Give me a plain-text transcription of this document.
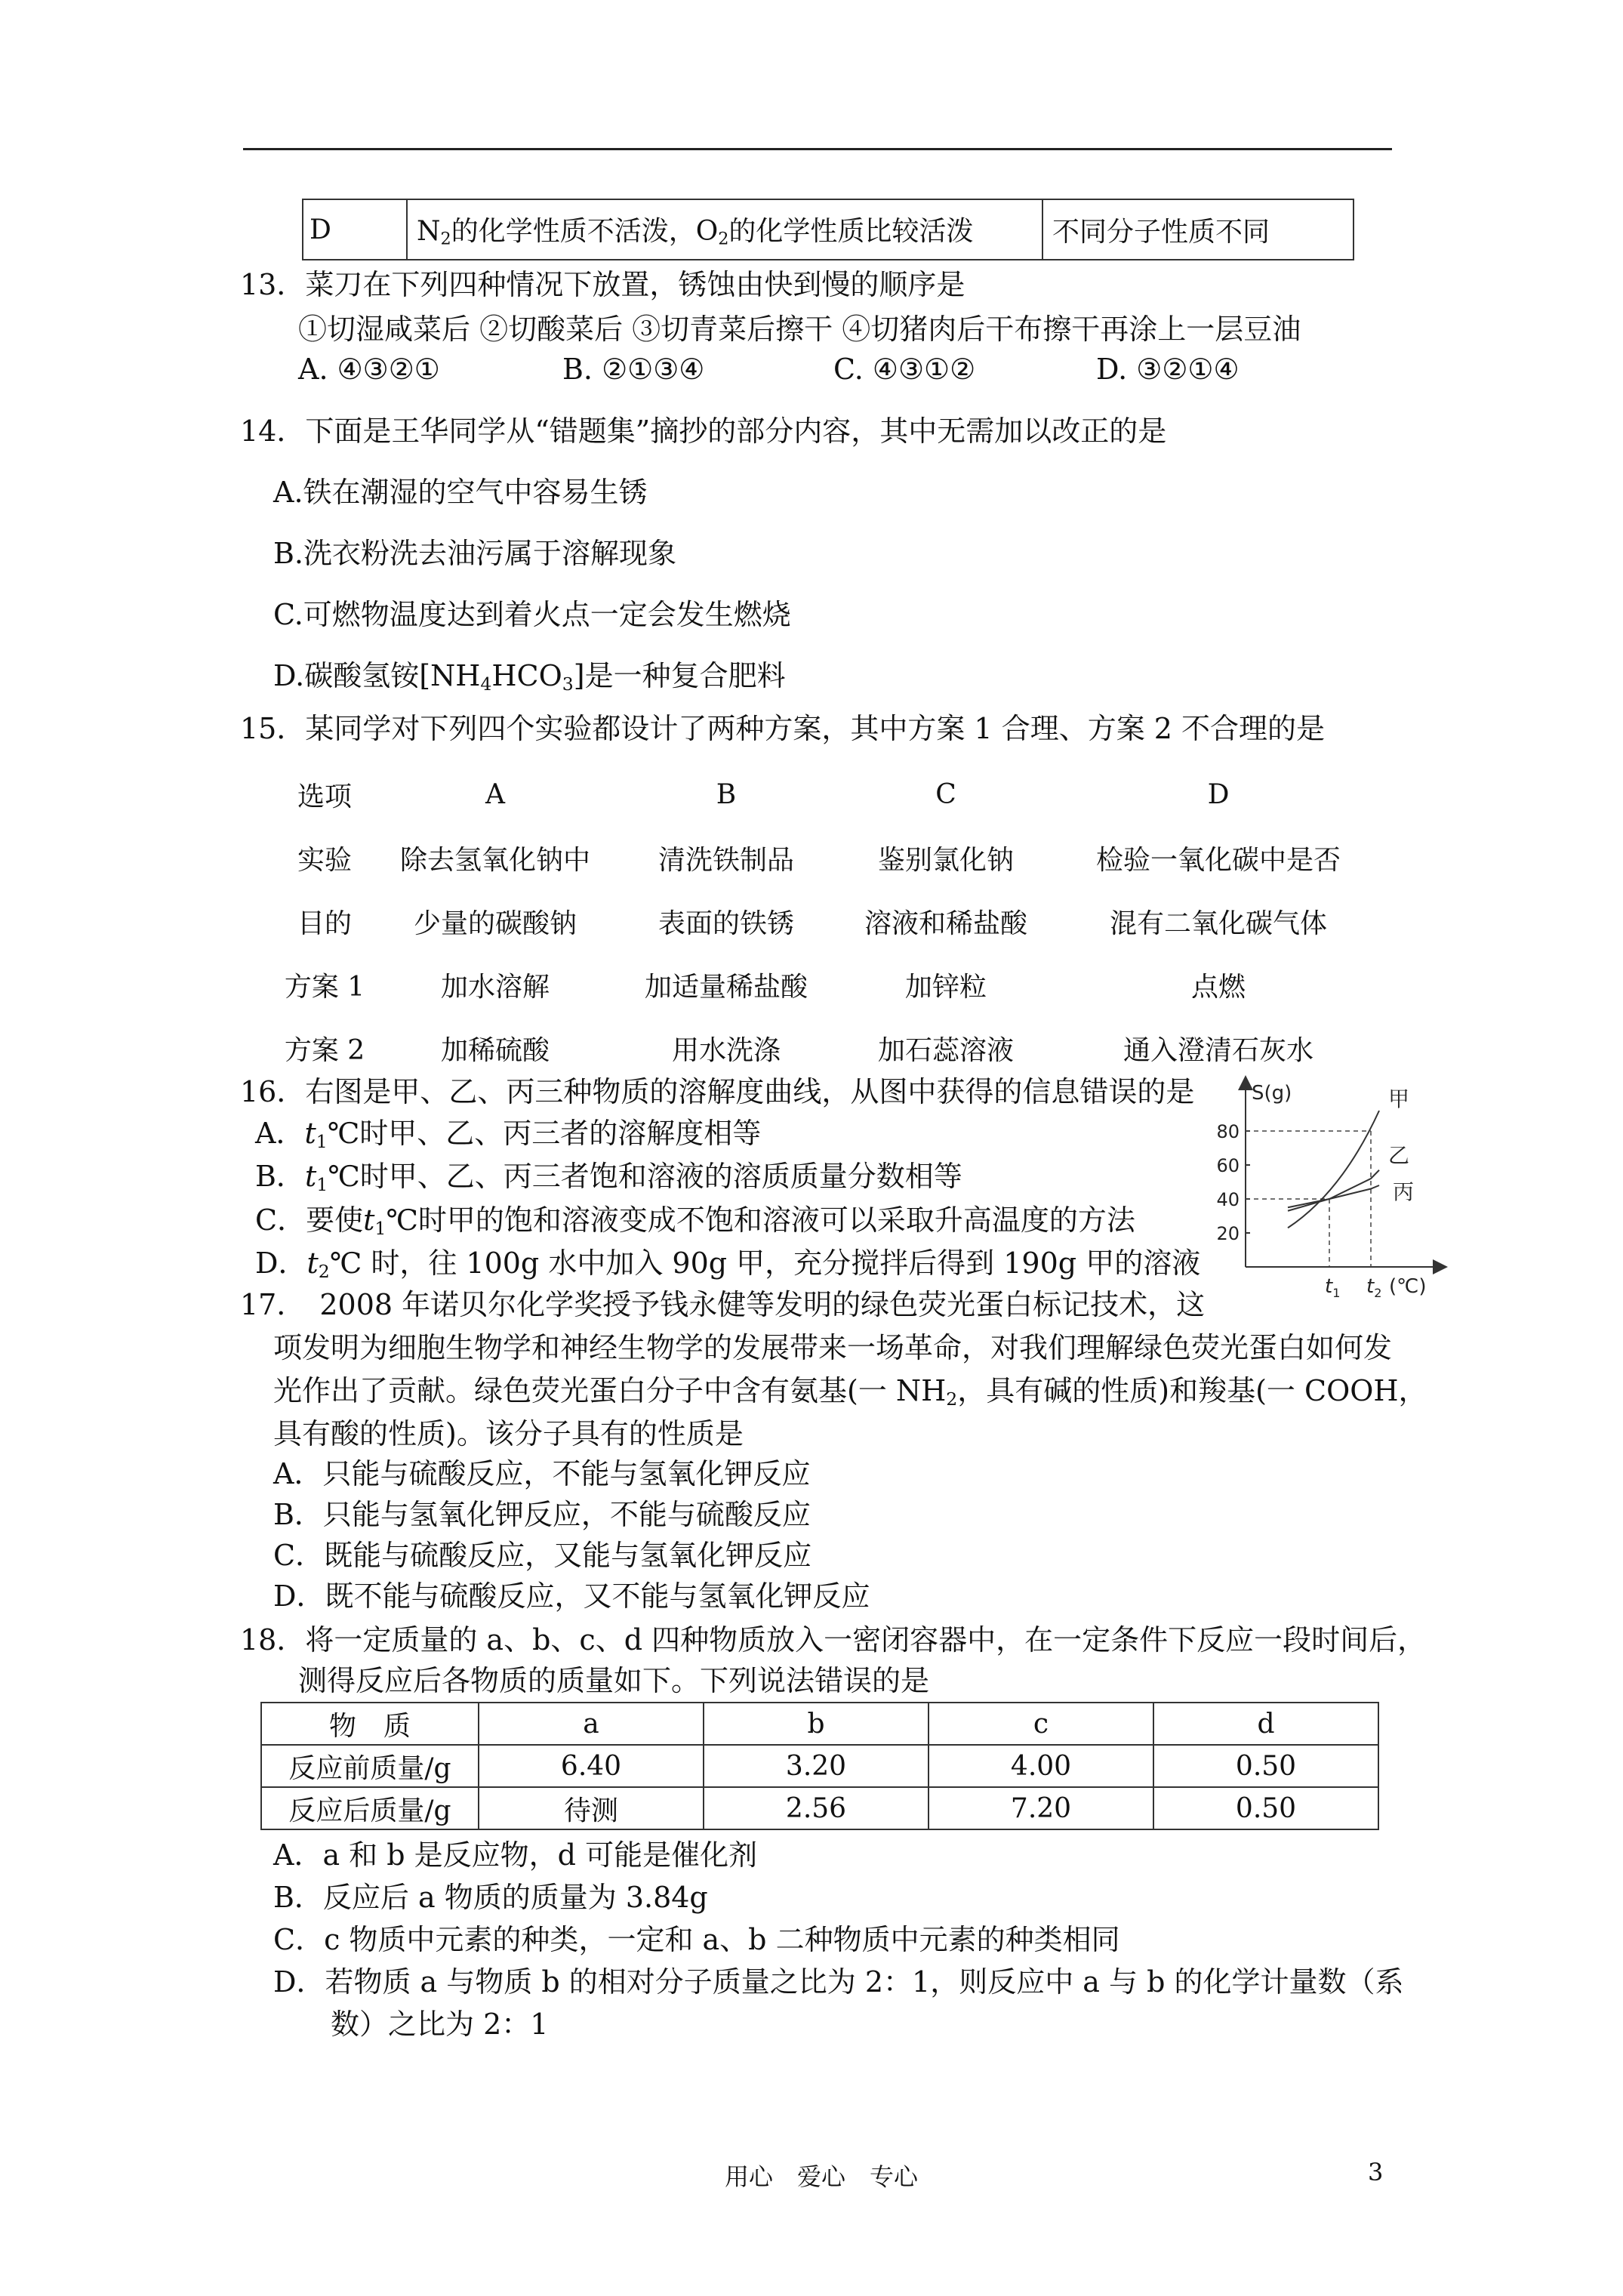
D	$N_2$的化学性质不活泼，$O_2$的化学性质比较活泼	不同分子性质不同
13．菜刀在下列四种情况下放置，锈蚀由快到慢的顺序是
①切湿咸菜后 ②切酸菜后 ③切青菜后擦干 ④切猪肉后干布擦干再涂上一层豆油
A. ④③②①	B. ②①③④	C. ④③①②	D. ③②①④
14．下面是王华同学从“错题集”摘抄的部分内容，其中无需加以改正的是
A.铁在潮湿的空气中容易生锈
B.洗衣粉洗去油污属于溶解现象
C.可燃物温度达到着火点一定会发生燃烧
D.碳酸氢铵$[NH_4HCO_3]$是一种复合肥料
15．某同学对下列四个实验都设计了两种方案，其中方案 1 合理、方案 2 不合理的是
选项	A	B	C	D
实验	除去氢氧化钠中	清洗铁制品	鉴别氯化钠	检验一氧化碳中是否
目的	少量的碳酸钠	表面的铁锈	溶液和稀盐酸	混有二氧化碳气体
方案 1	加水溶解	加适量稀盐酸	加锌粒	点燃
方案 2	加稀硫酸	用水洗涤	加石蕊溶液	通入澄清石灰水
16．右图是甲、乙、丙三种物质的溶解度曲线，从图中获得的信息错误的是
A．$t_1℃$时甲、乙、丙三者的溶解度相等
B．$t_1℃$时甲、乙、丙三者饱和溶液的溶质质量分数相等
C．要使$t_1℃$时甲的饱和溶液变成不饱和溶液可以采取升高温度的方法
D．$t_2℃$ 时，往 100g 水中加入 90g 甲，充分搅拌后得到 190g 甲的溶液
S(g)
(℃)
20
40
60
80
$t_1$ $t_2$
甲
乙
丙
17．　2008 年诺贝尔化学奖授予钱永健等发明的绿色荧光蛋白标记技术，这
项发明为细胞生物学和神经生物学的发展带来一场革命，对我们理解绿色荧光蛋白如何发
光作出了贡献。绿色荧光蛋白分子中含有氨基(一 $NH_2$，具有碱的性质)和羧基(一 COOH，
具有酸的性质)。该分子具有的性质是
A．只能与硫酸反应，不能与氢氧化钾反应
B．只能与氢氧化钾反应，不能与硫酸反应
C．既能与硫酸反应，又能与氢氧化钾反应
D．既不能与硫酸反应，又不能与氢氧化钾反应
18．将一定质量的 a、b、c、d 四种物质放入一密闭容器中，在一定条件下反应一段时间后，
测得反应后各物质的质量如下。下列说法错误的是
物　质	a	b	c	d
反应前质量/g	6.40	3.20	4.00	0.50
反应后质量/g	待测	2.56	7.20	0.50
A．a 和 b 是反应物，d 可能是催化剂
B．反应后 a 物质的质量为 3.84g
C．c 物质中元素的种类，一定和 a、b 二种物质中元素的种类相同
D．若物质 a 与物质 b 的相对分子质量之比为 2：1，则反应中 a 与 b 的化学计量数（系
数）之比为 2：1
用心　爱心　专心	3
